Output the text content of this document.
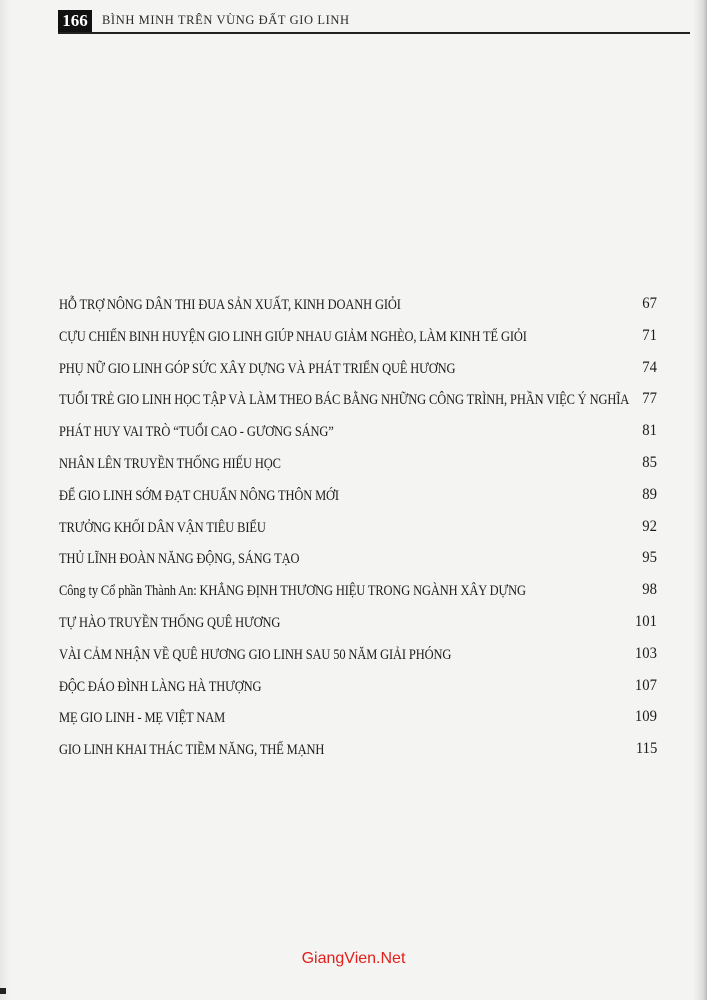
166	BÌNH MINH TRÊN VÙNG ĐẤT GIO LINH
HỖ TRỢ NÔNG DÂN THI ĐUA SẢN XUẤT, KINH DOANH GIỎI	67
CỰU CHIẾN BINH HUYỆN GIO LINH GIÚP NHAU GIẢM NGHÈO, LÀM KINH TẾ GIỎI	71
PHỤ NỮ GIO LINH GÓP SỨC XÂY DỰNG VÀ PHÁT TRIỂN QUÊ HƯƠNG	74
TUỔI TRẺ GIO LINH HỌC TẬP VÀ LÀM THEO BÁC BẰNG NHỮNG CÔNG TRÌNH, PHẦN VIỆC Ý NGHĨA 77
PHÁT HUY VAI TRÒ “TUỔI CAO - GƯƠNG SÁNG”	81
NHÂN LÊN TRUYỀN THỐNG HIẾU HỌC	85
ĐỂ GIO LINH SỚM ĐẠT CHUẨN NÔNG THÔN MỚI	89
TRƯỞNG KHỐI DÂN VẬN TIÊU BIỂU	92
THỦ LĨNH ĐOÀN NĂNG ĐỘNG, SÁNG TẠO	95
Công ty Cổ phần Thành An: KHẲNG ĐỊNH THƯƠNG HIỆU TRONG NGÀNH XÂY DỰNG	98
TỰ HÀO TRUYỀN THỐNG QUÊ HƯƠNG	101
VÀI CẢM NHẬN VỀ QUÊ HƯƠNG GIO LINH SAU 50 NĂM GIẢI PHÓNG	103
ĐỘC ĐÁO ĐÌNH LÀNG HÀ THƯỢNG	107
MẸ GIO LINH - MẸ VIỆT NAM	109
GIO LINH KHAI THÁC TIỀM NĂNG, THẾ MẠNH	115
GiangVien.Net
